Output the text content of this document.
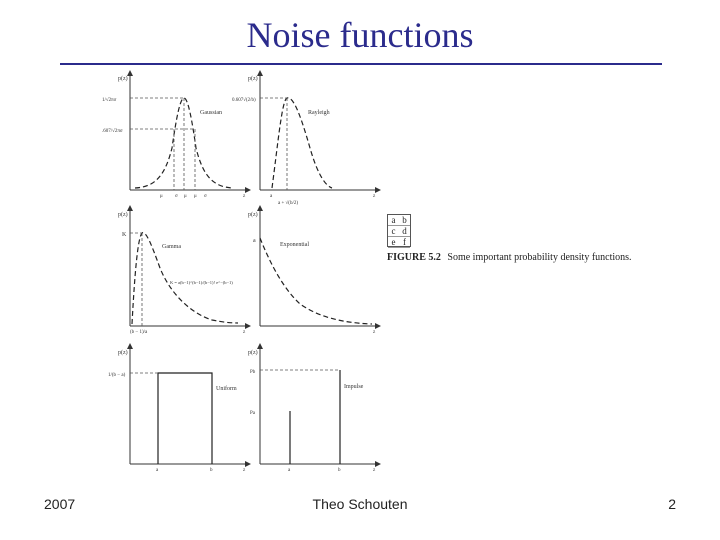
Noise functions
p(z)
1/√2πσ
.607/√2πσ
Gaussian
μ σ μ μ σ	z
p(z)
0.607√(2/b)
Rayleigh
a
a + √(b/2)
z
p(z)
K
Gamma
K = a(b−1)^(b−1)/(b−1)! e^−(b−1)
(b − 1)/a	z
p(z)
a
Exponential
z
p(z)
1/(b − a)
Uniform
a	b	z
p(z)
Pb
Pa
Impulse
a	b	z
a b
c d
e f
FIGURE 5.2 Some important probability density functions.
2007	Theo Schouten	2
